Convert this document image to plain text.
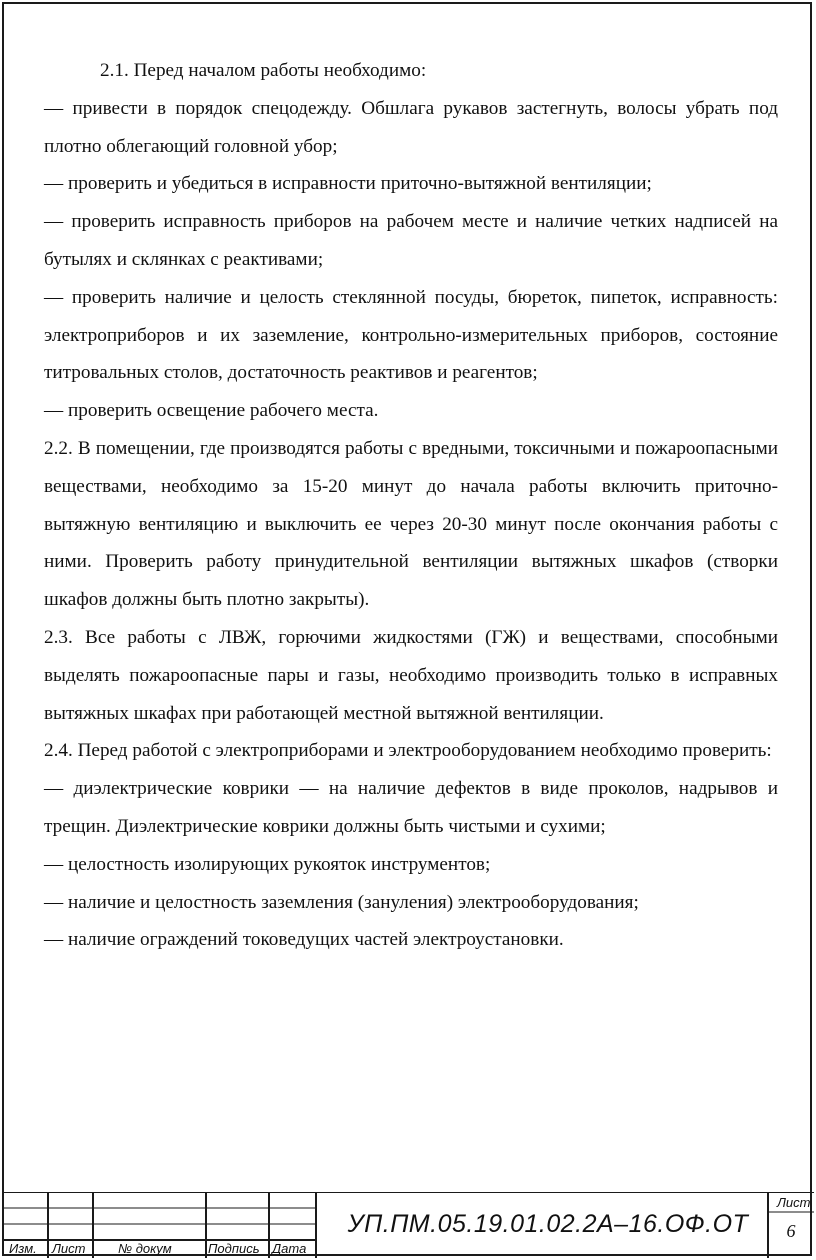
2.1. Перед началом работы необходимо:

— привести в порядок спецодежду. Обшлага рукавов застегнуть, волосы убрать под плотно облегающий головной убор;

— проверить и убедиться в исправности приточно-вытяжной вентиляции;

— проверить исправность приборов на рабочем месте и наличие четких надписей на бутылях и склянках с реактивами;

— проверить наличие и целость стеклянной посуды, бюреток, пипеток, исправность: электроприборов и их заземление, контрольно-измерительных приборов, состояние титровальных столов, достаточность реактивов и реагентов;

— проверить освещение рабочего места.

2.2. В помещении, где производятся работы с вредными, токсичными и пожароопасными веществами, необходимо за 15-20 минут до начала работы включить приточно-вытяжную вентиляцию и выключить ее через 20-30 минут после окончания работы с ними. Проверить работу принудительной вентиляции вытяжных шкафов (створки шкафов должны быть плотно закрыты).

2.3. Все работы с ЛВЖ, горючими жидкостями (ГЖ) и веществами, способными выделять пожароопасные пары и газы, необходимо производить только в исправных вытяжных шкафах при работающей местной вытяжной вентиляции.

2.4. Перед работой с электроприборами и электрооборудованием необходимо проверить:

— диэлектрические коврики — на наличие дефектов в виде проколов, надрывов и трещин. Диэлектрические коврики должны быть чистыми и сухими;

— целостность изолирующих рукояток инструментов;

— наличие и целостность заземления (зануления) электрооборудования;

— наличие ограждений токоведущих частей электроустановки.

Изм. Лист	№ докум	Подпись Дата
УП.ПМ.05.19.01.02.2А–16.ОФ.ОТ
Лист
6
